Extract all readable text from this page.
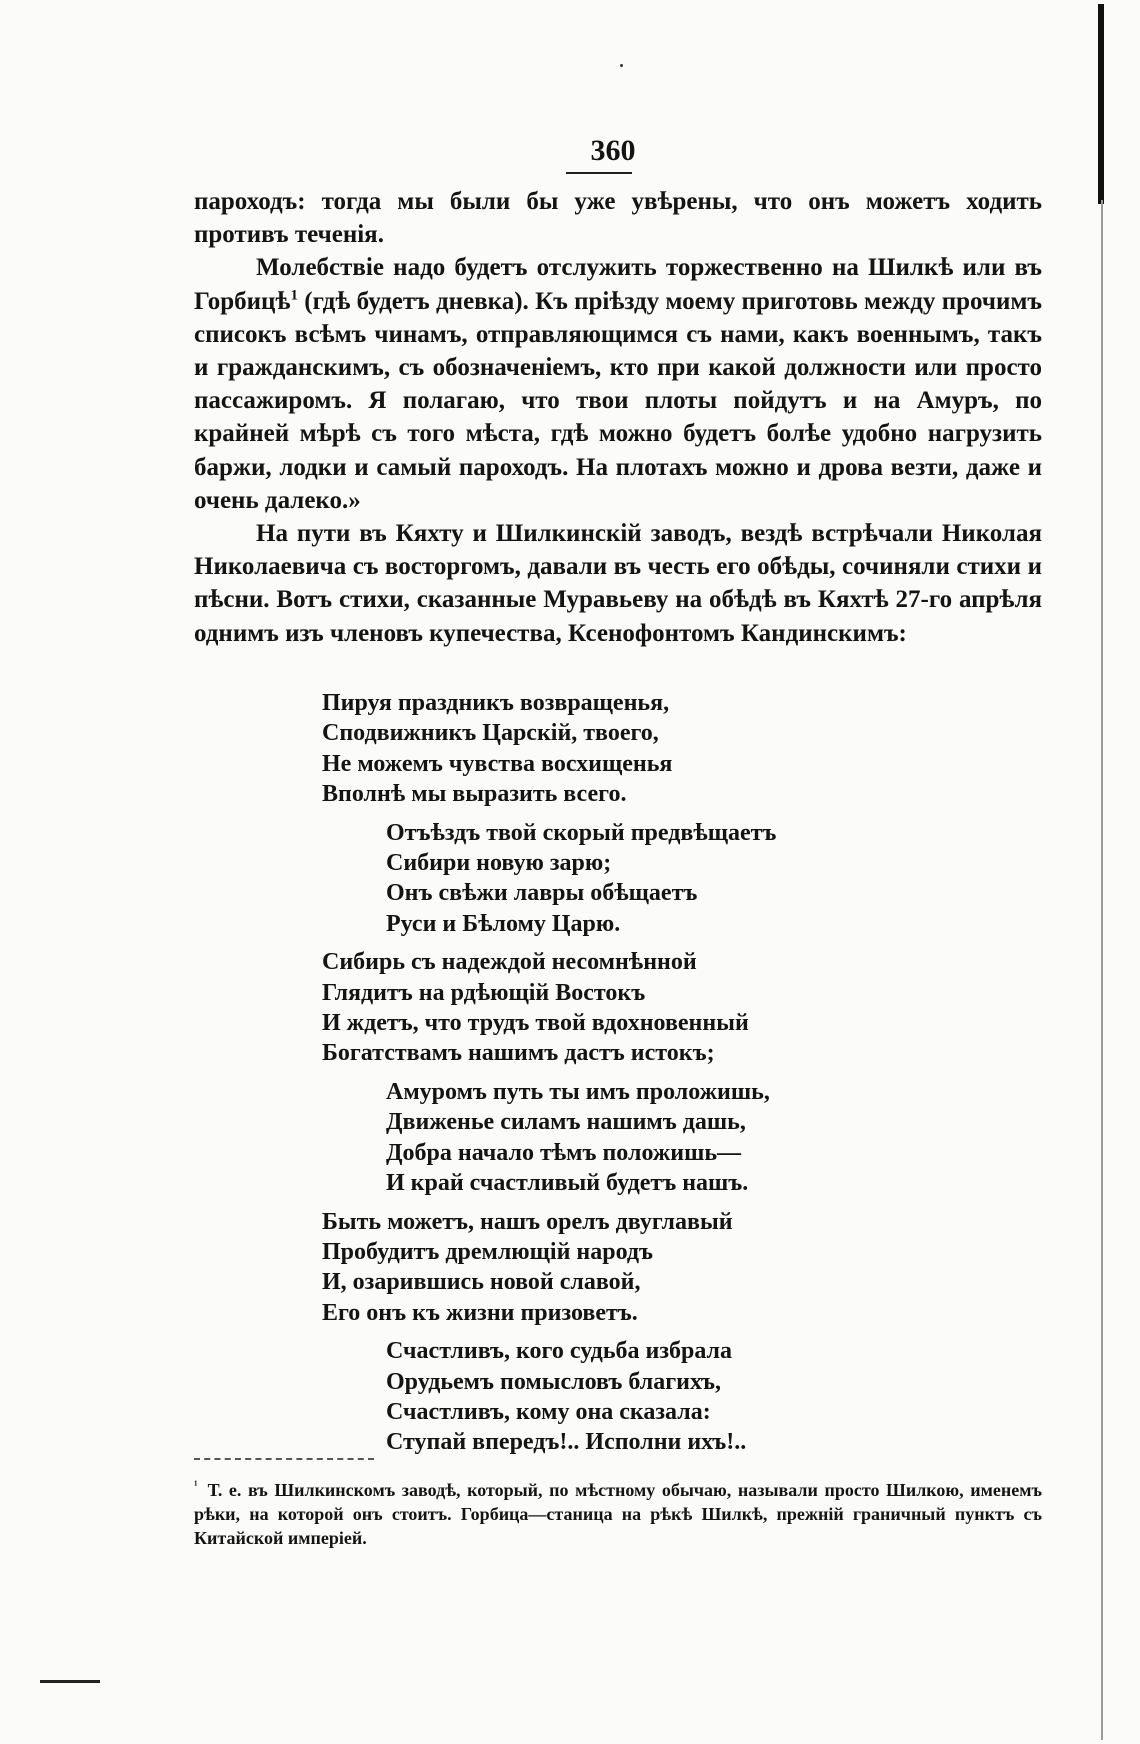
360

пароходъ: тогда мы были бы уже увѣрены, что онъ можетъ ходить противъ теченія.

Молебствіе надо будетъ отслужить торжественно на Шилкѣ или въ Горбицѣ$^1$ (гдѣ будетъ дневка). Къ пріѣзду моему приготовь между прочимъ списокъ всѣмъ чинамъ, отправляющимся съ нами, какъ военнымъ, такъ и гражданскимъ, съ обозначеніемъ, кто при какой должности или просто пассажиромъ. Я полагаю, что твои плоты пойдутъ и на Амуръ, по крайней мѣрѣ съ того мѣста, гдѣ можно будетъ болѣе удобно нагрузить баржи, лодки и самый пароходъ. На плотахъ можно и дрова везти, даже и очень далеко.»

На пути въ Кяхту и Шилкинскій заводъ, вездѣ встрѣчали Николая Николаевича съ восторгомъ, давали въ честь его обѣды, сочиняли стихи и пѣсни. Вотъ стихи, сказанные Муравьеву на обѣдѣ въ Кяхтѣ 27-го апрѣля однимъ изъ членовъ купечества, Ксенофонтомъ Кандинскимъ:

Пируя праздникъ возвращенья,
Сподвижникъ Царскій, твоего,
Не можемъ чувства восхищенья
Вполнѣ мы выразить всего.
Отъѣздъ твой скорый предвѣщаетъ
Сибири новую зарю;
Онъ свѣжи лавры обѣщаетъ
Руси и Бѣлому Царю.
Сибирь съ надеждой несомнѣнной
Глядитъ на рдѣющій Востокъ
И ждетъ, что трудъ твой вдохновенный
Богатствамъ нашимъ дастъ истокъ;
Амуромъ путь ты имъ проложишь,
Движенье силамъ нашимъ дашь,
Добра начало тѣмъ положишь—
И край счастливый будетъ нашъ.
Быть можетъ, нашъ орелъ двуглавый
Пробудитъ дремлющій народъ
И, озарившись новой славой,
Его онъ къ жизни призоветъ.
Счастливъ, кого судьба избрала
Орудьемъ помысловъ благихъ,
Счастливъ, кому она сказала:
Ступай впередъ!.. Исполни ихъ!..
$^{^1}$ Т. е. въ Шилкинскомъ заводѣ, который, по мѣстному обычаю, называли просто Шилкою, именемъ рѣки, на которой онъ стоитъ. Горбица—станица на рѣкѣ Шилкѣ, прежній граничный пунктъ съ Китайской имперіей.
